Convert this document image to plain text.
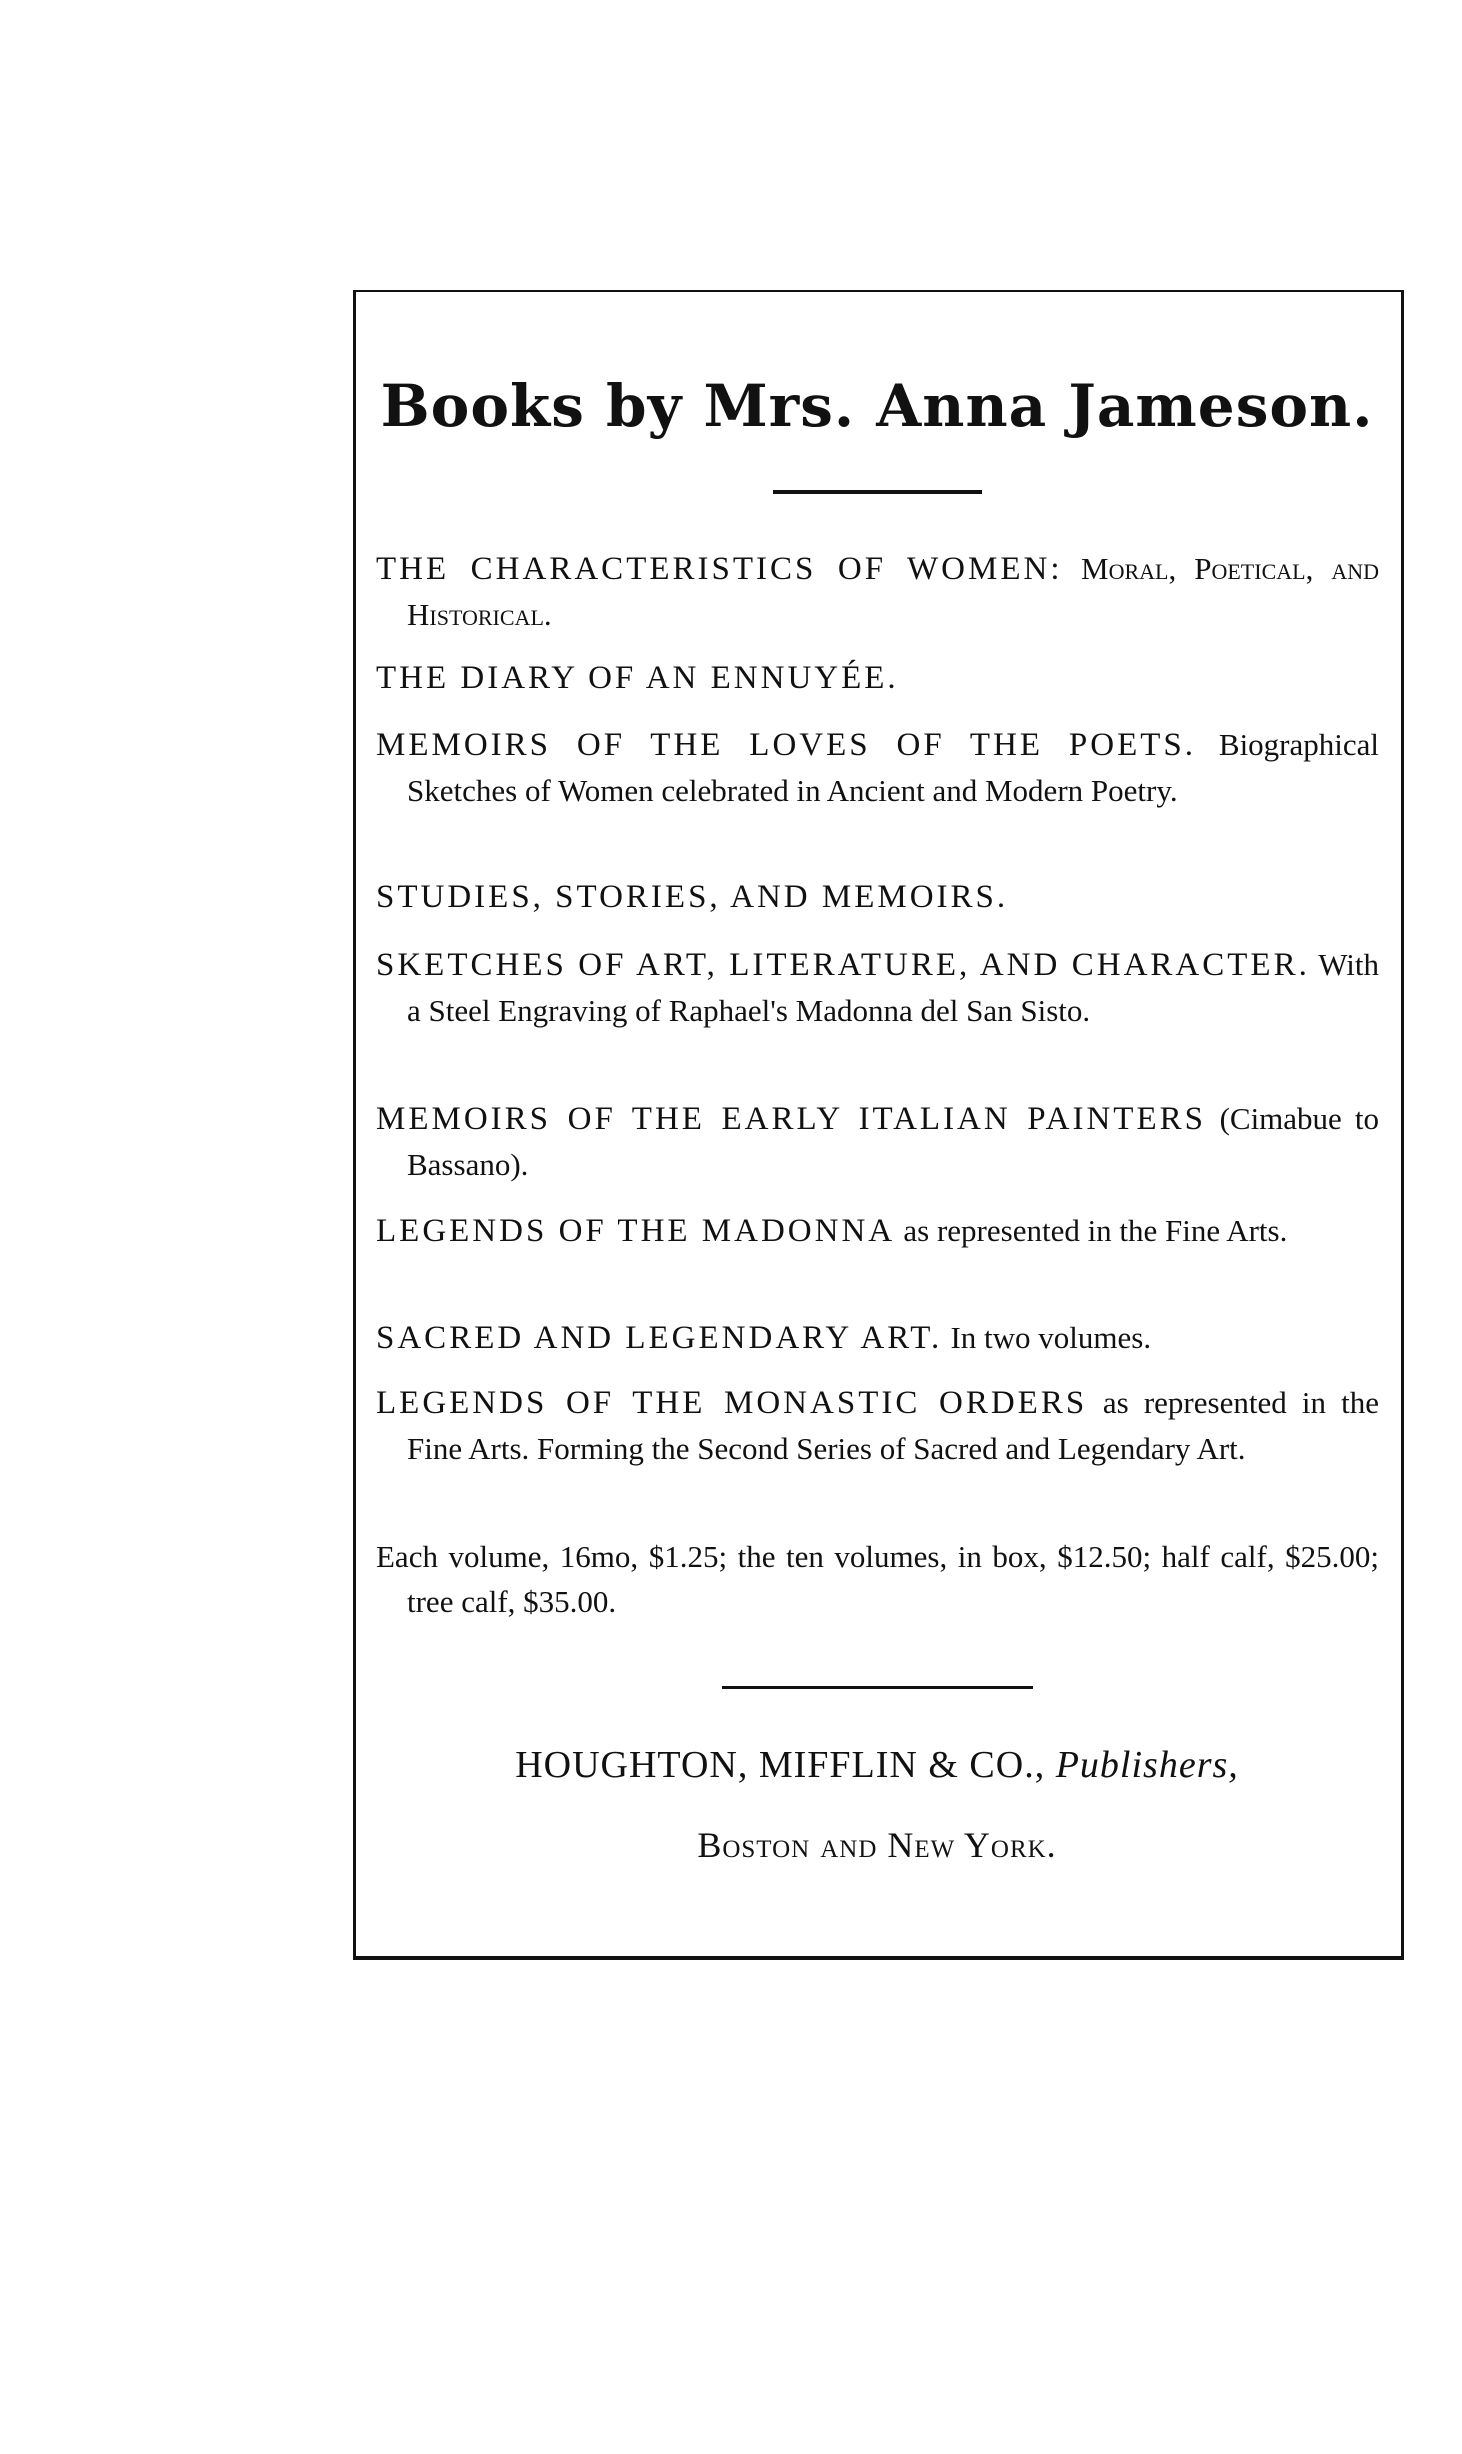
Books by Mrs. Anna Jameson.
THE CHARACTERISTICS OF WOMEN: Moral, Poetical, and Historical.
THE DIARY OF AN ENNUYÉE.
MEMOIRS OF THE LOVES OF THE POETS. Biographical Sketches of Women celebrated in Ancient and Modern Poetry.
STUDIES, STORIES, AND MEMOIRS.
SKETCHES OF ART, LITERATURE, AND CHARACTER. With a Steel Engraving of Raphael's Madonna del San Sisto.
MEMOIRS OF THE EARLY ITALIAN PAINTERS (Cimabue to Bassano).
LEGENDS OF THE MADONNA as represented in the Fine Arts.
SACRED AND LEGENDARY ART. In two volumes.
LEGENDS OF THE MONASTIC ORDERS as represented in the Fine Arts. Forming the Second Series of Sacred and Legendary Art.
Each volume, 16mo, $1.25; the ten volumes, in box, $12.50; half calf, $25.00; tree calf, $35.00.
HOUGHTON, MIFFLIN & CO., Publishers,
Boston and New York.
